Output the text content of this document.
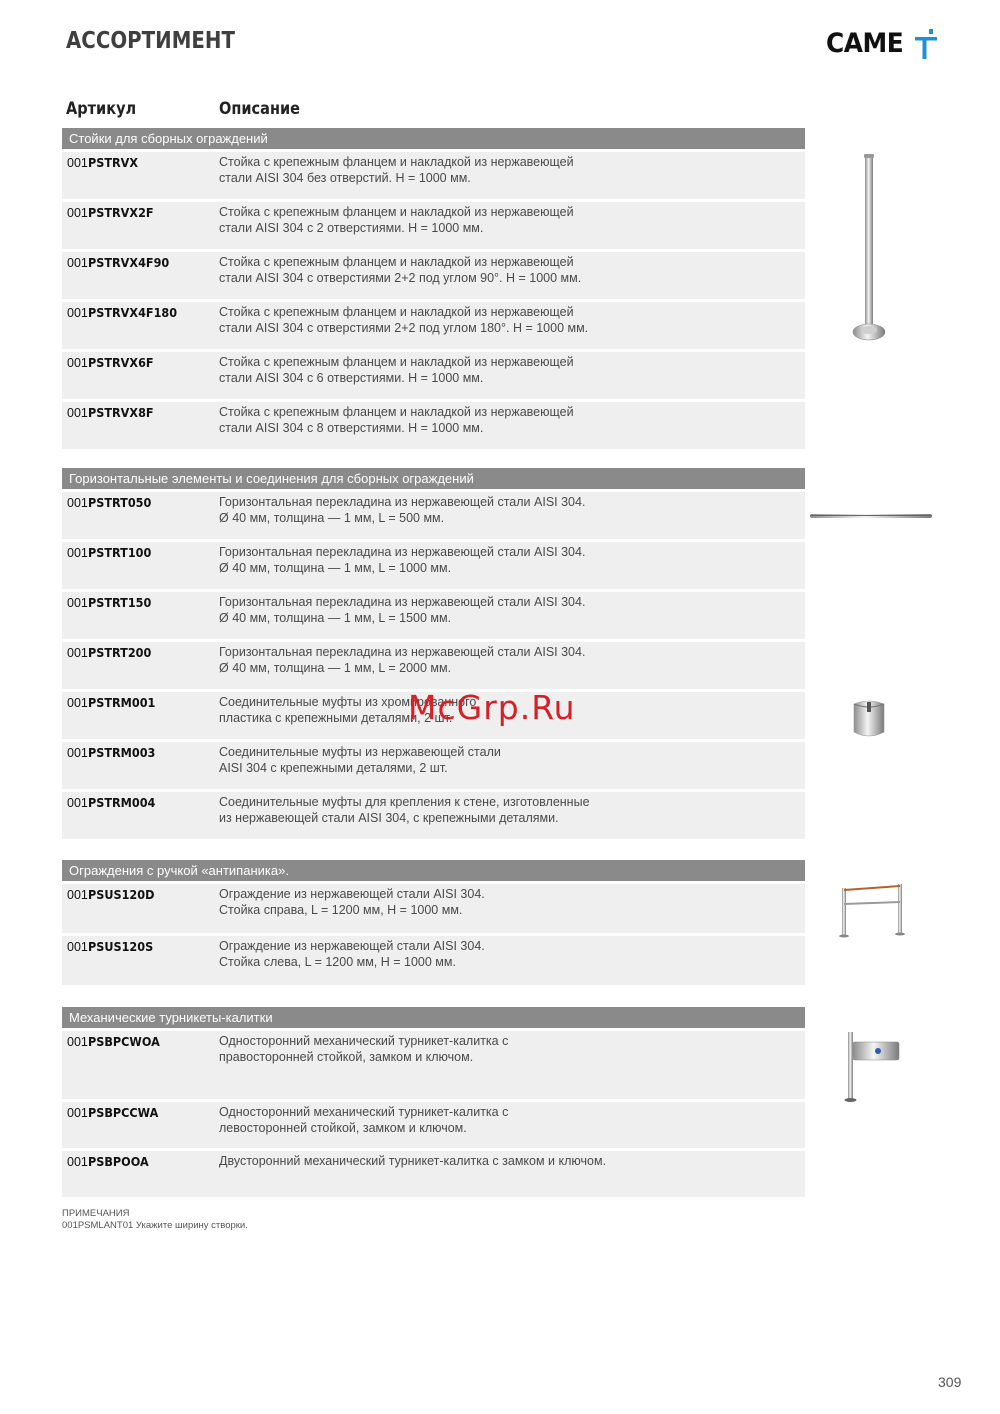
АССОРТИМЕНТ	CAME
Артикул	Описание
Стойки для сборных ограждений
001PSTRVX	Стойка с крепежным фланцем и накладкой из нержавеющей
стали AISI 304 без отверстий. H = 1000 мм.
001PSTRVX2F	Стойка с крепежным фланцем и накладкой из нержавеющей
стали AISI 304 с 2 отверстиями. H = 1000 мм.
001PSTRVX4F90	Стойка с крепежным фланцем и накладкой из нержавеющей
стали AISI 304 с отверстиями 2+2 под углом 90°. H = 1000 мм.
001PSTRVX4F180	Стойка с крепежным фланцем и накладкой из нержавеющей
стали AISI 304 с отверстиями 2+2 под углом 180°. H = 1000 мм.
001PSTRVX6F	Стойка с крепежным фланцем и накладкой из нержавеющей
стали AISI 304 с 6 отверстиями. H = 1000 мм.
001PSTRVX8F	Стойка с крепежным фланцем и накладкой из нержавеющей
стали AISI 304 с 8 отверстиями. H = 1000 мм.
Горизонтальные элементы и соединения для сборных ограждений
001PSTRT050	Горизонтальная перекладина из нержавеющей стали AISI 304.
Ø 40 мм, толщина — 1 мм, L = 500 мм.
001PSTRT100	Горизонтальная перекладина из нержавеющей стали AISI 304.
Ø 40 мм, толщина — 1 мм, L = 1000 мм.
001PSTRT150	Горизонтальная перекладина из нержавеющей стали AISI 304.
Ø 40 мм, толщина — 1 мм, L = 1500 мм.
001PSTRT200	Горизонтальная перекладина из нержавеющей стали AISI 304.
Ø 40 мм, толщина — 1 мм, L = 2000 мм.
001PSTRM001	Соединительные муфты из хромированного
пластика с крепежными деталями, 2 шт.
001PSTRM003	Соединительные муфты из нержавеющей стали
AISI 304 с крепежными деталями, 2 шт.
001PSTRM004	Соединительные муфты для крепления к стене, изготовленные
из нержавеющей стали AISI 304, с крепежными деталями.
Ограждения с ручкой «антипаника».
001PSUS120D	Ограждение из нержавеющей стали AISI 304.
Стойка справа, L = 1200 мм, H = 1000 мм.
001PSUS120S	Ограждение из нержавеющей стали AISI 304.
Стойка слева, L = 1200 мм, H = 1000 мм.
Механические турникеты-калитки
001PSBPCWOA	Односторонний механический турникет-калитка с
правосторонней стойкой, замком и ключом.
001PSBPCCWA	Односторонний механический турникет-калитка с
левосторонней стойкой, замком и ключом.
001PSBPOOA	Двусторонний механический турникет-калитка с замком и ключом.
McGrp.Ru
ПРИМЕЧАНИЯ
001PSMLANT01 Укажите ширину створки.
309
